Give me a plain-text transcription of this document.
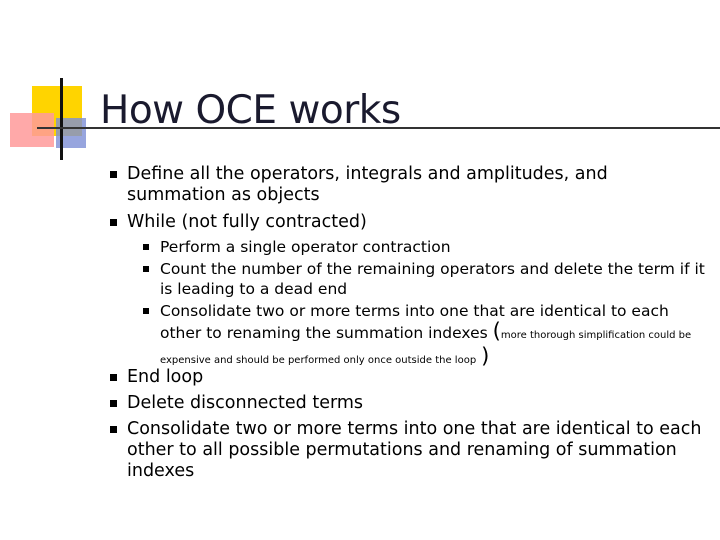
How OCE works
Define all the operators, integrals and amplitudes, and summation as objects
While (not fully contracted)
Perform a single operator contraction
Count the number of the remaining operators and delete the term if it is leading to a dead end
Consolidate two or more terms into one that are identical to each other to renaming the summation indexes (more thorough simplification could be expensive and should be performed only once outside the loop )
End loop
Delete disconnected terms
Consolidate two or more terms into one that are identical to each other to all possible permutations and renaming of summation indexes
